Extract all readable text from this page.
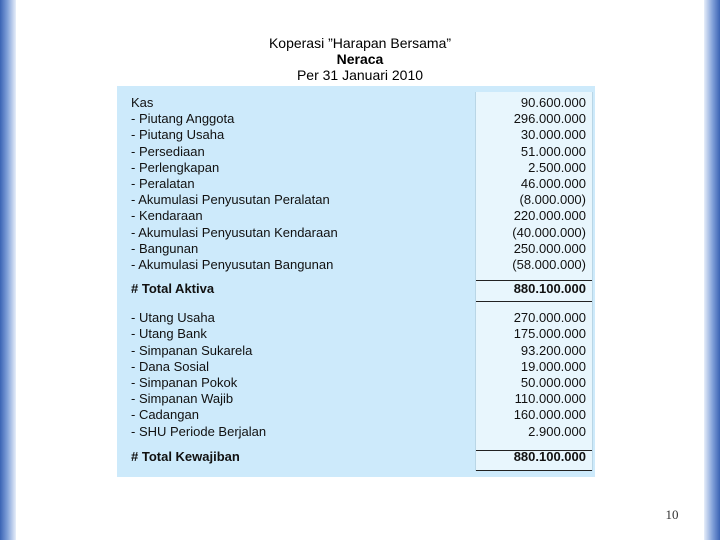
Koperasi ”Harapan Bersama”
Neraca
Per 31 Januari 2010
Kas
- Piutang Anggota
- Piutang Usaha
- Persediaan
- Perlengkapan
- Peralatan
- Akumulasi Penyusutan Peralatan
- Kendaraan
- Akumulasi Penyusutan Kendaraan
- Bangunan
- Akumulasi Penyusutan Bangunan
# Total Aktiva
- Utang Usaha
- Utang Bank
- Simpanan Sukarela
- Dana Sosial
- Simpanan Pokok
- Simpanan Wajib
- Cadangan
- SHU Periode Berjalan
# Total Kewajiban
90.600.000
296.000.000
30.000.000
51.000.000
2.500.000
46.000.000
(8.000.000)
220.000.000
(40.000.000)
250.000.000
(58.000.000)
880.100.000
270.000.000
175.000.000
93.200.000
19.000.000
50.000.000
110.000.000
160.000.000
2.900.000
880.100.000
10
